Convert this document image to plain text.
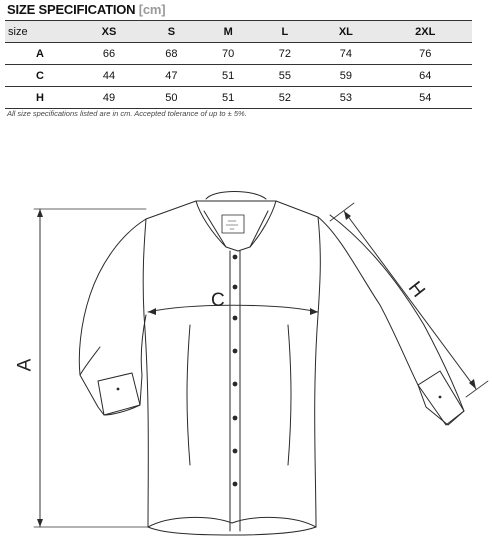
SIZE SPECIFICATION [cm]
size	XS	S	M	L	XL	2XL
A	66	68	70	72	74	76
C	44	47	51	55	59	64
H	49	50	51	52	53	54
All size specifications listed are in cm. Accepted tolerance of up to ± 5%.
A
C	H
